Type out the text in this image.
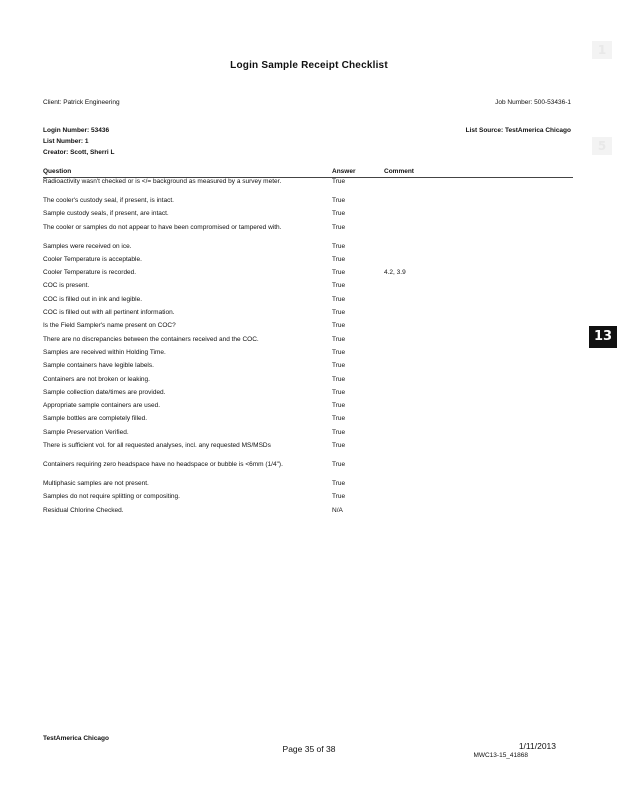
1
5
13
Login Sample Receipt Checklist
Client: Patrick Engineering	Job Number: 500-53436-1
Login Number: 53436	List Source: TestAmerica Chicago
List Number: 1
Creator: Scott, Sherri L
Question	Answer	Comment
Radioactivity wasn't checked or is </= background as measured by a survey meter.	True	
The cooler's custody seal, if present, is intact.	True	
Sample custody seals, if present, are intact.	True	
The cooler or samples do not appear to have been compromised or tampered with.	True	
Samples were received on ice.	True	
Cooler Temperature is acceptable.	True	
Cooler Temperature is recorded.	True	4.2, 3.9
COC is present.	True	
COC is filled out in ink and legible.	True	
COC is filled out with all pertinent information.	True	
Is the Field Sampler's name present on COC?	True	
There are no discrepancies between the containers received and the COC.	True	
Samples are received within Holding Time.	True	
Sample containers have legible labels.	True	
Containers are not broken or leaking.	True	
Sample collection date/times are provided.	True	
Appropriate sample containers are used.	True	
Sample bottles are completely filled.	True	
Sample Preservation Verified.	True	
There is sufficient vol. for all requested analyses, incl. any requested MS/MSDs	True	
Containers requiring zero headspace have no headspace or bubble is <6mm (1/4").	True	
Multiphasic samples are not present.	True	
Samples do not require splitting or compositing.	True	
Residual Chlorine Checked.	N/A	
TestAmerica Chicago
Page 35 of 38	1/11/2013
MWC13-15_41868
